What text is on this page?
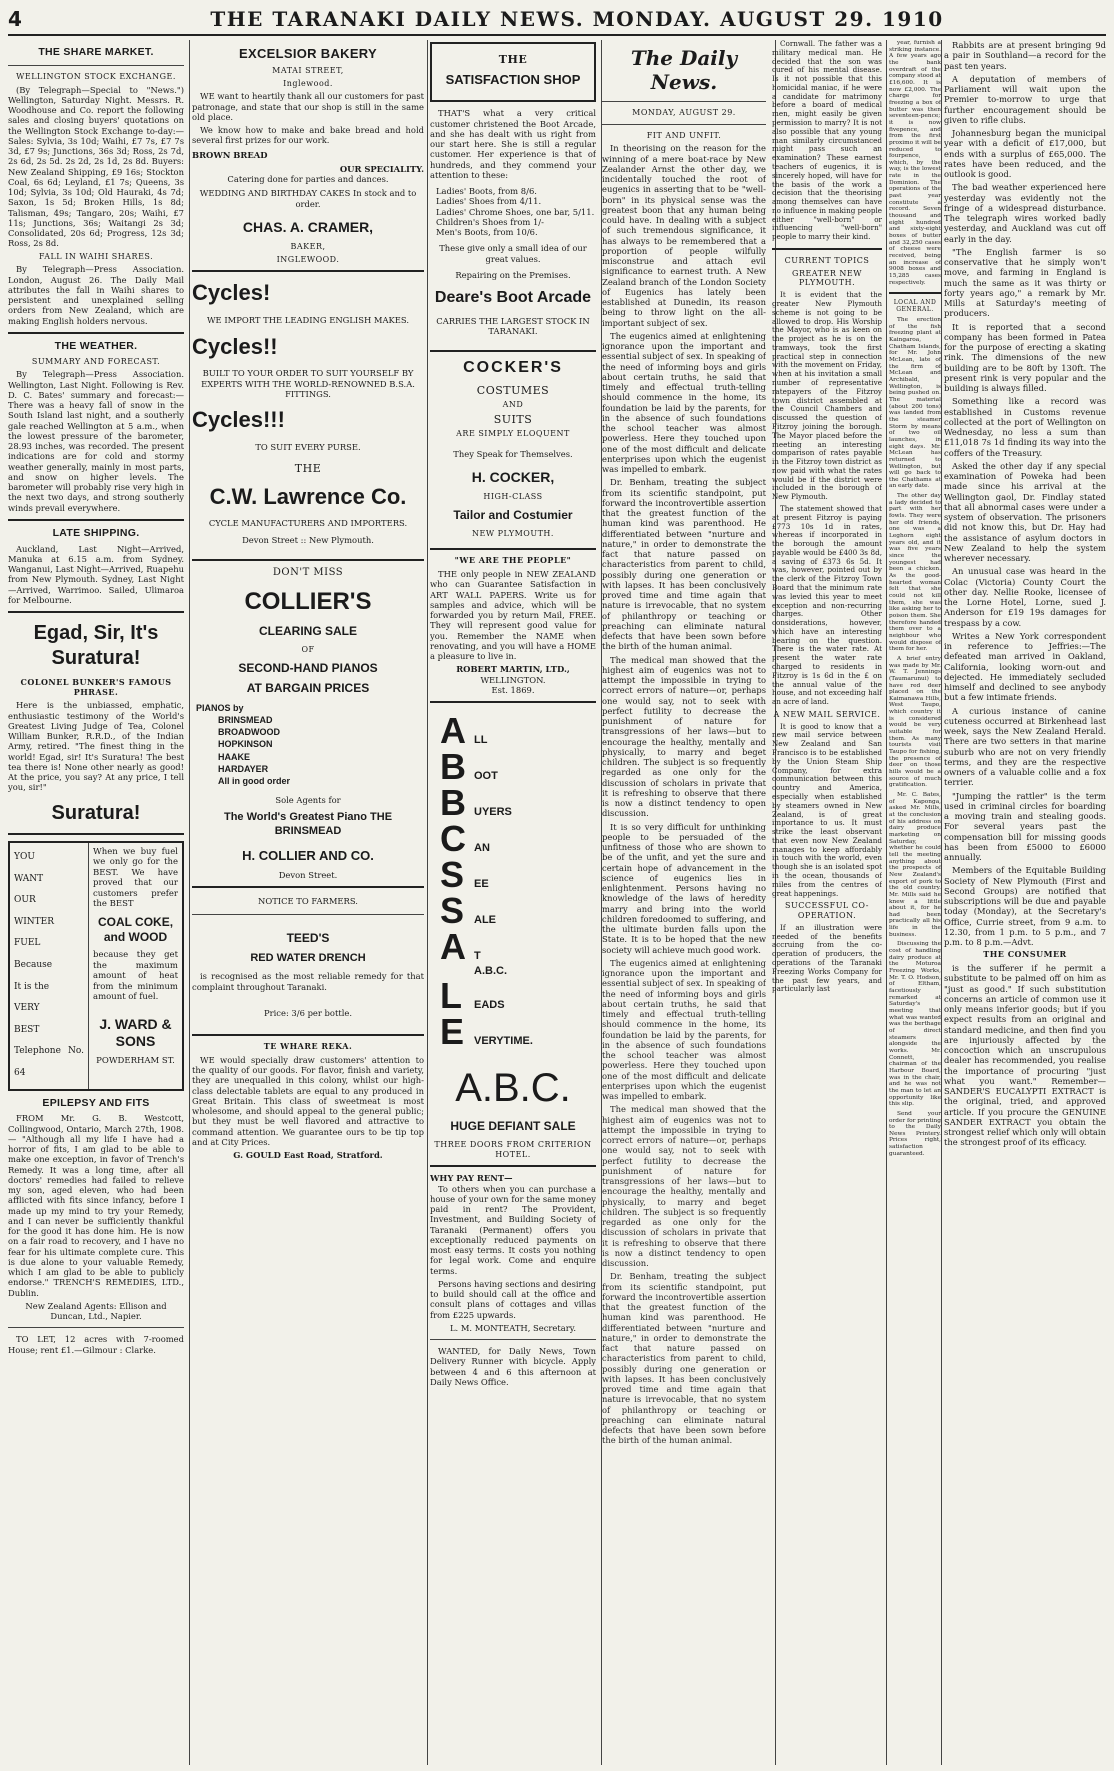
4	THE TARANAKI DAILY NEWS. MONDAY. AUGUST 29. 1910
THE SHARE MARKET.
WELLINGTON STOCK EXCHANGE.

(By Telegraph—Special to "News.") Wellington, Saturday Night. Messrs. R. Woodhouse and Co. report the following sales and closing buyers' quotations on the Wellington Stock Exchange to-day:—Sales: Sylvia, 3s 10d; Waihi, £7 7s, £7 7s 3d, £7 9s; Junctions, 36s 3d; Ross, 2s 7d, 2s 6d, 2s 5d. 2s 2d, 2s 1d, 2s 8d. Buyers: New Zealand Shipping, £9 16s; Stockton Coal, 6s 6d; Leyland, £1 7s; Queens, 3s 10d; Sylvia, 3s 10d; Old Hauraki, 4s 7d; Saxon, 1s 5d; Broken Hills, 1s 8d; Talisman, 49s; Tangaro, 20s; Waihi, £7 11s; Junctions, 36s; Waitangi 2s 3d; Consolidated, 20s 6d; Progress, 12s 3d; Ross, 2s 8d.

FALL IN WAIHI SHARES.

By Telegraph—Press Association. London, August 26. The Daily Mail attributes the fall in Waihi shares to persistent and unexplained selling orders from New Zealand, which are making English holders nervous.

THE WEATHER.
SUMMARY AND FORECAST.

By Telegraph—Press Association. Wellington, Last Night. Following is Rev. D. C. Bates' summary and forecast:—There was a heavy fall of snow in the South Island last night, and a southerly gale reached Wellington at 5 a.m., when the lowest pressure of the barometer, 28.93 inches, was recorded. The present indications are for cold and stormy weather generally, mainly in most parts, and snow on higher levels. The barometer will probably rise very high in the next two days, and strong southerly winds prevail everywhere.

LATE SHIPPING.

Auckland, Last Night—Arrived, Manuka at 6.15 a.m. from Sydney. Wanganui, Last Night—Arrived, Ruapehu from New Plymouth. Sydney, Last Night—Arrived, Warrimoo. Sailed, Ulimaroa for Melbourne.

Egad, Sir, It's Suratura!
COLONEL BUNKER'S FAMOUS PHRASE.

Here is the unbiassed, emphatic, enthusiastic testimony of the World's Greatest Living Judge of Tea, Colonel William Bunker, R.R.D., of the Indian Army, retired. "The finest thing in the world! Egad, sir! It's Suratura! The best tea there is! None other nearly as good! At the price, you say? At any price, I tell you, sir!"

Suratura!
YOU
WANT
OUR
WINTER
FUEL
Because
It is the
VERY
BEST
Telephone No. 64
When we buy fuel we only go for the BEST. We have proved that our customers prefer the BEST
COAL COKE, and WOOD
because they get the maximum amount of heat from the minimum amount of fuel.
J. WARD & SONS
POWDERHAM ST.
EPILEPSY AND FITS

FROM Mr. G. B. Westcott, Collingwood, Ontario, March 27th, 1908. — "Although all my life I have had a horror of fits, I am glad to be able to make one exception, in favor of Trench's Remedy. It was a long time, after all doctors' remedies had failed to relieve my son, aged eleven, who had been afflicted with fits since infancy, before I made up my mind to try your Remedy, and I can never be sufficiently thankful for the good it has done him. He is now on a fair road to recovery, and I have no fear for his ultimate complete cure. This is due alone to your valuable Remedy, which I am glad to be able to publicly endorse." TRENCH'S REMEDIES, LTD., Dublin.

New Zealand Agents: Ellison and Duncan, Ltd., Napier.

TO LET, 12 acres with 7-roomed House; rent £1.—Gilmour : Clarke.

EXCELSIOR BAKERY
MATAI STREET,
Inglewood.

WE want to heartily thank all our customers for past patronage, and state that our shop is still in the same old place.

We know how to make and bake bread and hold several first prizes for our work.

BROWN BREAD
OUR SPECIALITY.
Catering done for parties and dances.
WEDDING AND BIRTHDAY CAKES In stock and to order.
CHAS. A. CRAMER,
BAKER,
INGLEWOOD.
Cycles!
WE IMPORT THE LEADING ENGLISH MAKES.
Cycles!!
BUILT TO YOUR ORDER TO SUIT YOURSELF BY EXPERTS WITH THE WORLD-RENOWNED B.S.A. FITTINGS.
Cycles!!!
TO SUIT EVERY PURSE.
THE
C.W. Lawrence Co.
CYCLE MANUFACTURERS AND IMPORTERS.
Devon Street :: New Plymouth.
DON'T MISS
COLLIER'S
CLEARING SALE
OF
SECOND-HAND PIANOS
AT BARGAIN PRICES
PIANOS by
BRINSMEAD
BROADWOOD
HOPKINSON
HAAKE
HARDAYER
All in good order
Sole Agents for
The World's Greatest Piano THE BRINSMEAD
H. COLLIER AND CO.
Devon Street.
NOTICE TO FARMERS.
TEED'S
RED WATER DRENCH

is recognised as the most reliable remedy for that complaint throughout Taranaki.

Price: 3/6 per bottle.
TE WHARE REKA.

WE would specially draw customers' attention to the quality of our goods. For flavor, finish and variety, they are unequalled in this colony, whilst our high-class delectable tablets are equal to any produced in Great Britain. This class of sweetmeat is most wholesome, and should appeal to the general public; but they must be well flavored and attractive to command attention. We guarantee ours to be tip top and at City Prices.

G. GOULD East Road, Stratford.
THE
SATISFACTION SHOP

THAT'S what a very critical customer christened the Boot Arcade, and she has dealt with us right from our start here. She is still a regular customer. Her experience is that of hundreds, and they commend your attention to these:

Ladies' Boots, from 8/6.
Ladies' Shoes from 4/11.
Ladies' Chrome Shoes, one bar, 5/11.
Children's Shoes from 1/-
Men's Boots, from 10/6.
These give only a small idea of our great values.
Repairing on the Premises.
Deare's Boot Arcade
CARRIES THE LARGEST STOCK IN TARANAKI.
COCKER'S
COSTUMES
AND
SUITS
ARE SIMPLY ELOQUENT
They Speak for Themselves.
H. COCKER,
HIGH-CLASS
Tailor and Costumier
NEW PLYMOUTH.
"WE ARE THE PEOPLE"

THE only people in NEW ZEALAND who can Guarantee Satisfaction in ART WALL PAPERS. Write us for samples and advice, which will be forwarded you by return Mail, FREE. They will represent good value for you. Remember the NAME when renovating, and you will have a HOME a pleasure to live in.

ROBERT MARTIN, LTD.,
WELLINGTON.
Est. 1869.
A LL
B OOT
B UYERS
C AN
S EE
S ALE
A T
A.B.C.
L	EADS
E VERYTIME.
A.B.C.
HUGE DEFIANT SALE
THREE DOORS FROM CRITERION HOTEL.
WHY PAY RENT—

To others when you can purchase a house of your own for the same money paid in rent? The Provident, Investment, and Building Society of Taranaki (Permanent) offers you exceptionally reduced payments on most easy terms. It costs you nothing for legal work. Come and enquire terms.

Persons having sections and desiring to build should call at the office and consult plans of cottages and villas from £225 upwards.

L. M. MONTEATH, Secretary.

WANTED, for Daily News, Town Delivery Runner with bicycle. Apply between 4 and 6 this afternoon at Daily News Office.

The Daily News.
MONDAY, AUGUST 29.
FIT AND UNFIT.

In theorising on the reason for the winning of a mere boat-race by New Zealander Arnst the other day, we incidentally touched the root of eugenics in asserting that to be "well-born" in its physical sense was the greatest boon that any human being could have. In dealing with a subject of such tremendous significance, it has always to be remembered that a proportion of people wilfully misconstrue and attach evil significance to earnest truth. A New Zealand branch of the London Society of Eugenics has lately been established at Dunedin, its reason being to throw light on the all-important subject of sex.

The eugenics aimed at enlightening ignorance upon the important and essential subject of sex. In speaking of the need of informing boys and girls about certain truths, he said that timely and effectual truth-telling should commence in the home, its foundation be laid by the parents, for in the absence of such foundations the school teacher was almost powerless. Here they touched upon one of the most difficult and delicate enterprises upon which the eugenist was impelled to embark.

Dr. Benham, treating the subject from its scientific standpoint, put forward the incontrovertible assertion that the greatest function of the human kind was parenthood. He differentiated between "nurture and nature," in order to demonstrate the fact that nature passed on characteristics from parent to child, possibly during one generation or with lapses. It has been conclusively proved time and time again that nature is irrevocable, that no system of philanthropy or teaching or preaching can eliminate natural defects that have been sown before the birth of the human animal.

The medical man showed that the highest aim of eugenics was not to attempt the impossible in trying to correct errors of nature—or, perhaps one would say, not to seek with perfect futility to decrease the punishment of nature for transgressions of her laws—but to encourage the healthy, mentally and physically, to marry and beget children. The subject is so frequently regarded as one only for the discussion of scholars in private that it is refreshing to observe that there is now a distinct tendency to open discussion.

It is so very difficult for unthinking people to be persuaded of the unfitness of those who are shown to be of the unfit, and yet the sure and certain hope of advancement in the science of eugenics lies in enlightenment. Persons having no knowledge of the laws of heredity marry and bring into the world children foredoomed to suffering, and the ultimate burden falls upon the State. It is to be hoped that the new society will achieve much good work.

The eugenics aimed at enlightening ignorance upon the important and essential subject of sex. In speaking of the need of informing boys and girls about certain truths, he said that timely and effectual truth-telling should commence in the home, its foundation be laid by the parents, for in the absence of such foundations the school teacher was almost powerless. Here they touched upon one of the most difficult and delicate enterprises upon which the eugenist was impelled to embark.

The medical man showed that the highest aim of eugenics was not to attempt the impossible in trying to correct errors of nature—or, perhaps one would say, not to seek with perfect futility to decrease the punishment of nature for transgressions of her laws—but to encourage the healthy, mentally and physically, to marry and beget children. The subject is so frequently regarded as one only for the discussion of scholars in private that it is refreshing to observe that there is now a distinct tendency to open discussion.

Dr. Benham, treating the subject from its scientific standpoint, put forward the incontrovertible assertion that the greatest function of the human kind was parenthood. He differentiated between "nurture and nature," in order to demonstrate the fact that nature passed on characteristics from parent to child, possibly during one generation or with lapses. It has been conclusively proved time and time again that nature is irrevocable, that no system of philanthropy or teaching or preaching can eliminate natural defects that have been sown before the birth of the human animal.

Rabbits are at present bringing 9d a pair in Southland—a record for the past ten years.

A deputation of members of Parliament will wait upon the Premier to-morrow to urge that further encouragement should be given to rifle clubs.

Johannesburg began the municipal year with a deficit of £17,000, but ends with a surplus of £65,000. The rates have been reduced, and the outlook is good.

The bad weather experienced here yesterday was evidently not the fringe of a widespread disturbance. The telegraph wires worked badly yesterday, and Auckland was cut off early in the day.

"The English farmer is so conservative that he simply won't move, and farming in England is much the same as it was thirty or forty years ago," a remark by Mr. Mills at Saturday's meeting of producers.

It is reported that a second company has been formed in Patea for the purpose of erecting a skating rink. The dimensions of the new building are to be 80ft by 130ft. The present rink is very popular and the building is always filled.

Something like a record was established in Customs revenue collected at the port of Wellington on Wednesday, no less a sum than £11,018 7s 1d finding its way into the coffers of the Treasury.

Asked the other day if any special examination of Poweka had been made since his arrival at the Wellington gaol, Dr. Findlay stated that all abnormal cases were under a system of observation. The prisoners did not know this, but Dr. Hay had the assistance of asylum doctors in New Zealand to help the system wherever necessary.

An unusual case was heard in the Colac (Victoria) County Court the other day. Nellie Rooke, licensee of the Lorne Hotel, Lorne, sued J. Anderson for £19 19s damages for trespass by a cow.

Writes a New York correspondent in reference to Jeffries:—The defeated man arrived in Oakland, California, looking worn-out and dejected. He immediately secluded himself and declined to see anybody but a few intimate friends.

A curious instance of canine cuteness occurred at Birkenhead last week, says the New Zealand Herald. There are two setters in that marine suburb who are not on very friendly terms, and they are the respective owners of a valuable collie and a fox terrier.

"Jumping the rattler" is the term used in criminal circles for boarding a moving train and stealing goods. For several years past the compensation bill for missing goods has been from £5000 to £6000 annually.

Members of the Equitable Building Society of New Plymouth (First and Second Groups) are notified that subscriptions will be due and payable today (Monday), at the Secretary's Office, Currie street, from 9 a.m. to 12.30, from 1 p.m. to 5 p.m., and 7 p.m. to 8 p.m.—Advt.

THE CONSUMER

is the sufferer if he permit a substitute to be palmed off on him as "just as good." If such substitution concerns an article of common use it only means inferior goods; but if you expect results from an original and standard medicine, and then find you are injuriously affected by the concoction which an unscrupulous dealer has recommended, you realise the importance of procuring "just what you want." Remember—SANDER'S EUCALYPTI EXTRACT is the original, tried, and approved article. If you procure the GENUINE SANDER EXTRACT you obtain the strongest relief which only will obtain the strongest proof of its efficacy.

Cornwall. The father was a military medical man. He decided that the son was cured of his mental disease. Is it not possible that this homicidal maniac, if he were a candidate for matrimony before a board of medical men, might easily be given permission to marry? It is not also possible that any young man similarly circumstanced might pass such an examination? These earnest teachers of eugenics, it is sincerely hoped, will have for the basis of the work a decision that the theorising among themselves can have no influence in making people either "well-born" or influencing "well-born" people to marry their kind.

CURRENT TOPICS
GREATER NEW PLYMOUTH.

It is evident that the greater New Plymouth scheme is not going to be allowed to drop. His Worship the Mayor, who is as keen on the project as he is on the tramways, took the first practical step in connection with the movement on Friday, when at his invitation a small number of representative ratepayers of the Fitzroy town district assembled at the Council Chambers and discussed the question of Fitzroy joining the borough. The Mayor placed before the meeting an interesting comparison of rates payable in the Fitzroy town district as now paid with what the rates would be if the district were included in the borough of New Plymouth.

The statement showed that at present Fitzroy is paying £773 10s 1d in rates, whereas if incorporated in the borough the amount payable would be £400 3s 8d, a saving of £373 6s 5d. It was, however, pointed out by the clerk of the Fitzroy Town Board that the minimum rate was levied this year to meet exception and non-recurring charges. Other considerations, however, which have an interesting bearing on the question. There is the water rate. At present the water rate charged to residents in Fitzroy is 1s 6d in the £ on the annual value of the house, and not exceeding half an acre of land.

A NEW MAIL SERVICE.

It is good to know that a new mail service between New Zealand and San Francisco is to be established by the Union Steam Ship Company, for extra communication between this country and America, especially when established by steamers owned in New Zealand, is of great importance to us. It must strike the least observant that even now New Zealand manages to keep affordably in touch with the world, even though she is an isolated spot in the ocean, thousands of miles from the centres of great happenings.

SUCCESSFUL CO-OPERATION.

If an illustration were needed of the benefits accruing from the co-operation of producers, the operations of the Taranaki Freezing Works Company for the past few years, and particularly last

year, furnish a striking instance. A few years ago the bank overdraft of the company stood at £16,600. It is now £2,000. The charge for freezing a box of butter was then seventeen-pence; it is now fivepence, and from the first proximo it will be reduced to fourpence, which, by the way, is the lowest rate in the Dominion. The operations of the past year constitute a record. Seven thousand and eight hundred and sixty-eight boxes of butter and 32,250 cases of cheese were received, being an increase of 9008 boxes and 15,285 cases respectively.

LOCAL AND GENERAL.

The erection of the fish freezing plant at Kaingaroa, Chatham Islands, for Mr. John McLean, late of the firm of McLean and Archibald, Wellington, is being pushed on. The material (about 200 tons) was landed from the steamer Storm by means of two oil launches, in eight days. Mr. McLean has returned to Wellington, but will go back to the Chathams at an early date.

The other day a lady decided to part with her fowls. They were her old friends, one was a Leghorn eight years old, and it was five years since the youngest had been a chicken. As the good-hearted woman felt that she could not kill them, she was like asking her to poison them. She therefore handed them over to a neighbour who would dispose of them for her.

A brief entry was made by Mr. W. T. Jennings (Taumarunui) to have red deer placed on the Kaimanawa Hills, West Taupo, which country it is considered would be very suitable for them. As many tourists visit Taupo for fishing, the presence of deer on those hills would be a source of much gratification.

Mr. C. Bates, of Kaponga, asked Mr. Mills, at the conclusion of his address on dairy produce marketing on Saturday, whether he could tell the meeting anything about the prospects of New Zealand's export of pork to the old country. Mr. Mills said he knew a little about it, for he had been practically all his life in the business.

Discussing the cost of handling dairy produce at the Moturoa Freezing Works, Mr. T. O. Hodson, of Eltham, facetiously remarked at Saturday's meeting that what was wanted was the berthage of direct steamers alongside the works. Mr. Connett, chairman of the Harbour Board, was in the chair, and he was not the man to let an opportunity like this slip.

Send your order for printing to the Daily News Printery. Prices right, satisfaction guaranteed.
